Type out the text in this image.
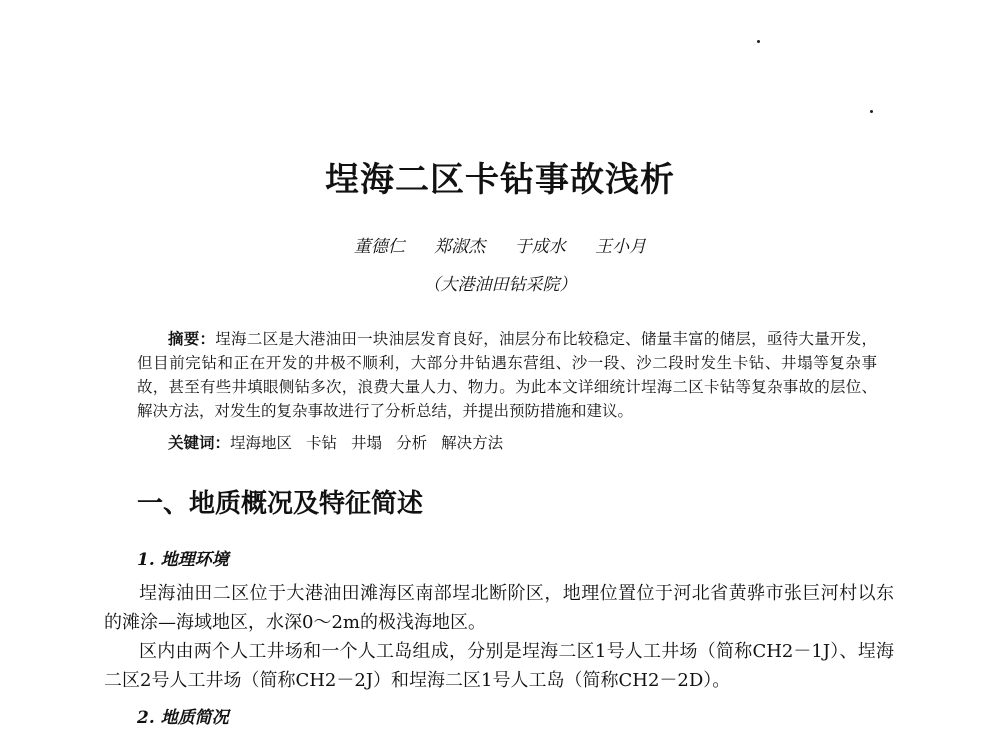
埕海二区卡钻事故浅析
董德仁 郑淑杰 于成水 王小月
（大港油田钻采院）
摘要：埕海二区是大港油田一块油层发育良好，油层分布比较稳定、储量丰富的储层，亟待大量开发，但目前完钻和正在开发的井极不顺利，大部分井钻遇东营组、沙一段、沙二段时发生卡钻、井塌等复杂事故，甚至有些井填眼侧钻多次，浪费大量人力、物力。为此本文详细统计埕海二区卡钻等复杂事故的层位、解决方法，对发生的复杂事故进行了分析总结，并提出预防措施和建议。
关键词：埕海地区 卡钻 井塌 分析 解决方法
一、地质概况及特征简述
1. 地理环境
埕海油田二区位于大港油田滩海区南部埕北断阶区，地理位置位于河北省黄骅市张巨河村以东的滩涂—海域地区，水深0～2m的极浅海地区。
区内由两个人工井场和一个人工岛组成，分别是埕海二区1号人工井场（简称CH2－1J）、埕海二区2号人工井场（简称CH2－2J）和埕海二区1号人工岛（简称CH2－2D）。
2. 地质简况
